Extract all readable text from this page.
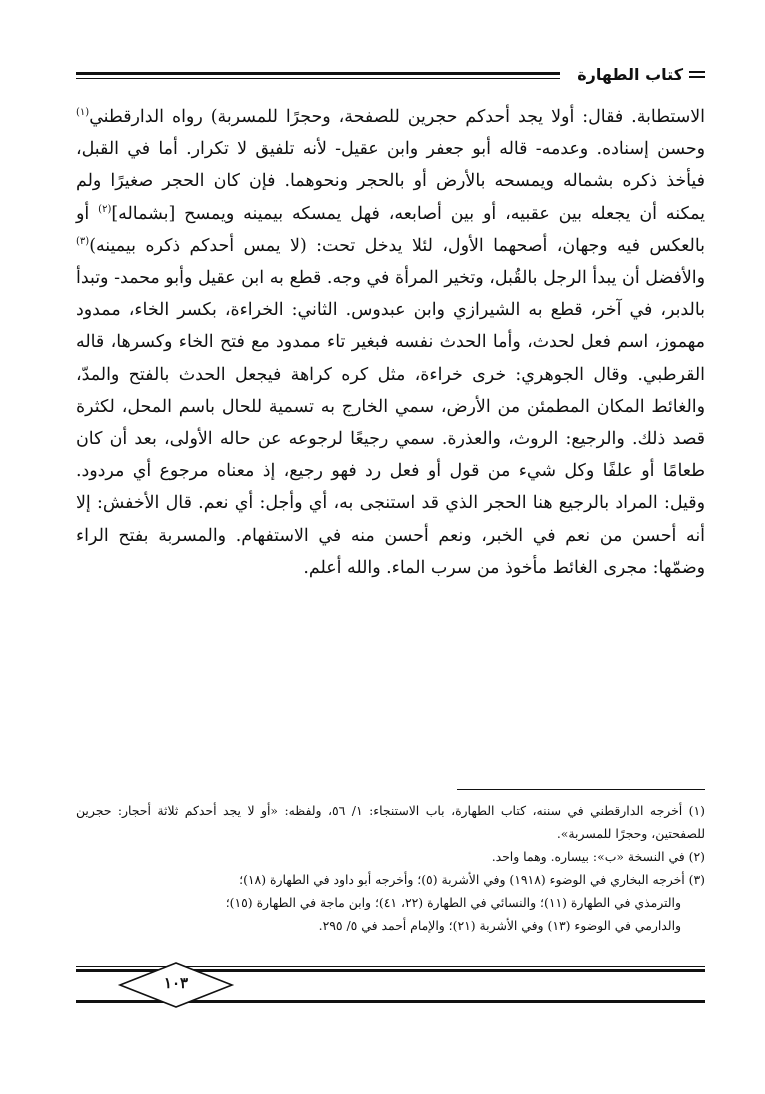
كتاب الطهارة

الاستطابة. فقال: أولا يجد أحدكم حجرين للصفحة، وحجرًا للمسربة) رواه الدارقطني$^{(١)}$ وحسن إسناده. وعدمه- قاله أبو جعفر وابن عقيل- لأنه تلفيق لا تكرار. أما في القبل، فيأخذ ذكره بشماله ويمسحه بالأرض أو بالحجر ونحوهما. فإن كان الحجر صغيرًا ولم يمكنه أن يجعله بين عقبيه، أو بين أصابعه، فهل يمسكه بيمينه ويمسح [بشماله]$^{(٢)}$ أو بالعكس فيه وجهان، أصحهما الأول، لئلا يدخل تحت: (لا يمس أحدكم ذكره بيمينه)$^{(٣)}$ والأفضل أن يبدأ الرجل بالقُبل، وتخير المرأة في وجه. قطع به ابن عقيل وأبو محمد- وتبدأ بالدبر، في آخر، قطع به الشيرازي وابن عبدوس. الثاني: الخراءة، بكسر الخاء، ممدود مهموز، اسم فعل لحدث، وأما الحدث نفسه فبغير تاء ممدود مع فتح الخاء وكسرها، قاله القرطبي. وقال الجوهري: خرى خراءة، مثل كره كراهة فيجعل الحدث بالفتح والمدّ، والغائط المكان المطمئن من الأرض، سمي الخارج به تسمية للحال باسم المحل، لكثرة قصد ذلك. والرجيع: الروث، والعذرة. سمي رجيعًا لرجوعه عن حاله الأولى، بعد أن كان طعامًا أو علفًا وكل شيء من قول أو فعل رد فهو رجيع، إذ معناه مرجوع أي مردود. وقيل: المراد بالرجيع هنا الحجر الذي قد استنجى به، أي وأجل: أي نعم. قال الأخفش: إلا أنه أحسن من نعم في الخبر، ونعم أحسن منه في الاستفهام. والمسربة بفتح الراء وضمّها: مجرى الغائط مأخوذ من سرب الماء. والله أعلم.

(١) أخرجه الدارقطني في سننه، كتاب الطهارة، باب الاستنجاء: ١/ ٥٦، ولفظه: «أو لا يجد أحدكم ثلاثة أحجار: حجرين للصفحتين، وحجرًا للمسربة».

(٢) في النسخة «ب»: بيساره. وهما واحد.

(٣) أخرجه البخاري في الوضوء (١٩١٨) وفي الأشربة (٥)؛ وأخرجه أبو داود في الطهارة (١٨)؛

والترمذي في الطهارة (١١)؛ والنسائي في الطهارة (٢٢، ٤١)؛ وابن ماجة في الطهارة (١٥)؛

والدارمي في الوضوء (١٣) وفي الأشربة (٢١)؛ والإمام أحمد في ٥/ ٢٩٥.

١٠٣
